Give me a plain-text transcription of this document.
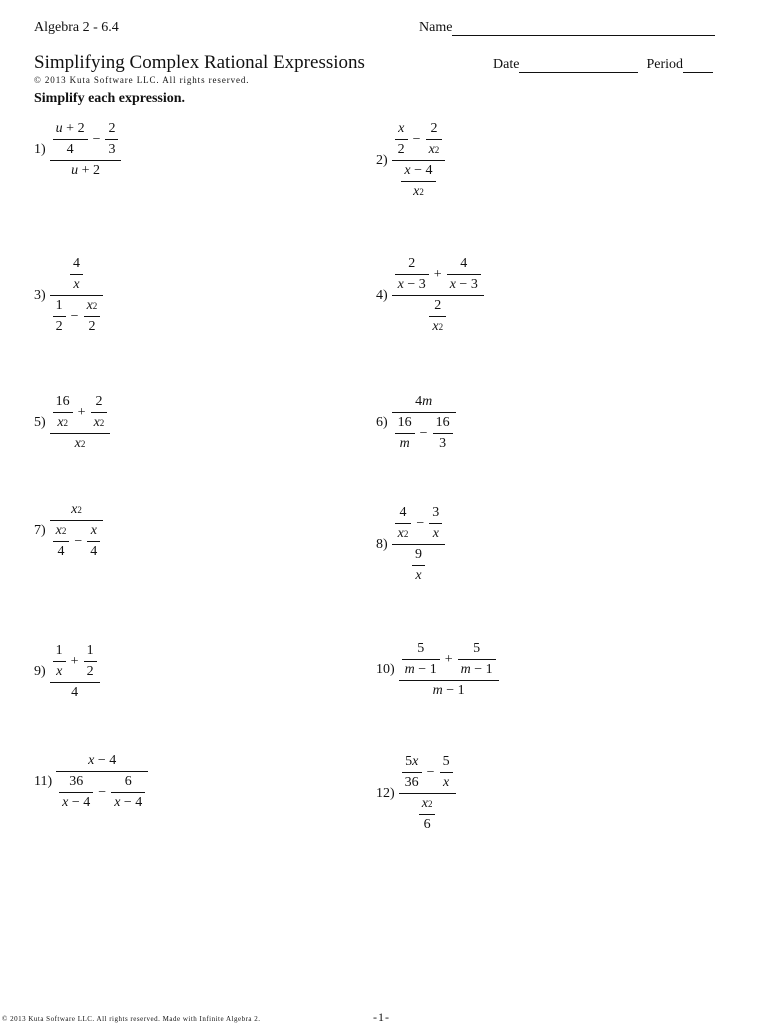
Algebra 2 - 6.4	Name
Simplifying Complex Rational Expressions
© 2013 Kuta Software LLC. All rights reserved.
Date	Period
Simplify each expression.
$1) \frac{u + 2}{4} - \frac{2}{3}$
u + 2
2)
$\frac{x}{2} - \frac{2}{x 2}$
$\frac{x - 4}{x 2}$
3)
$\frac{4}{x}$
$\frac{1}{2} - \frac{x 2}{2}$
4)
$\frac{2}{x - 3} + \frac{4}{x - 3}$
$\frac{2}{x 2}$
$5) \frac{16}{x 2} + \frac{2}{x 2}$
x 2
6)
4 m
$\frac{16}{m} - \frac{16}{3}$
7)
x 2
$\frac{x 2}{4} - \frac{x}{4}$	8)
$\frac{4}{x 2} - \frac{3}{x}$
$\frac{9}{x}$
$9) \frac{1}{x} + \frac{1}{2}$
4
$10) \frac{5}{m - 1} + \frac{5}{m - 1}$
m − 1
11)
x − 4
$\frac{36}{x - 4} - \frac{6}{x - 4}$	12)
$\frac{5 x}{36} - \frac{5}{x}$
$\frac{x 2}{6}$
© 2013 Kuta Software LLC. All rights reserved. Made with Infinite Algebra 2.	-1-
